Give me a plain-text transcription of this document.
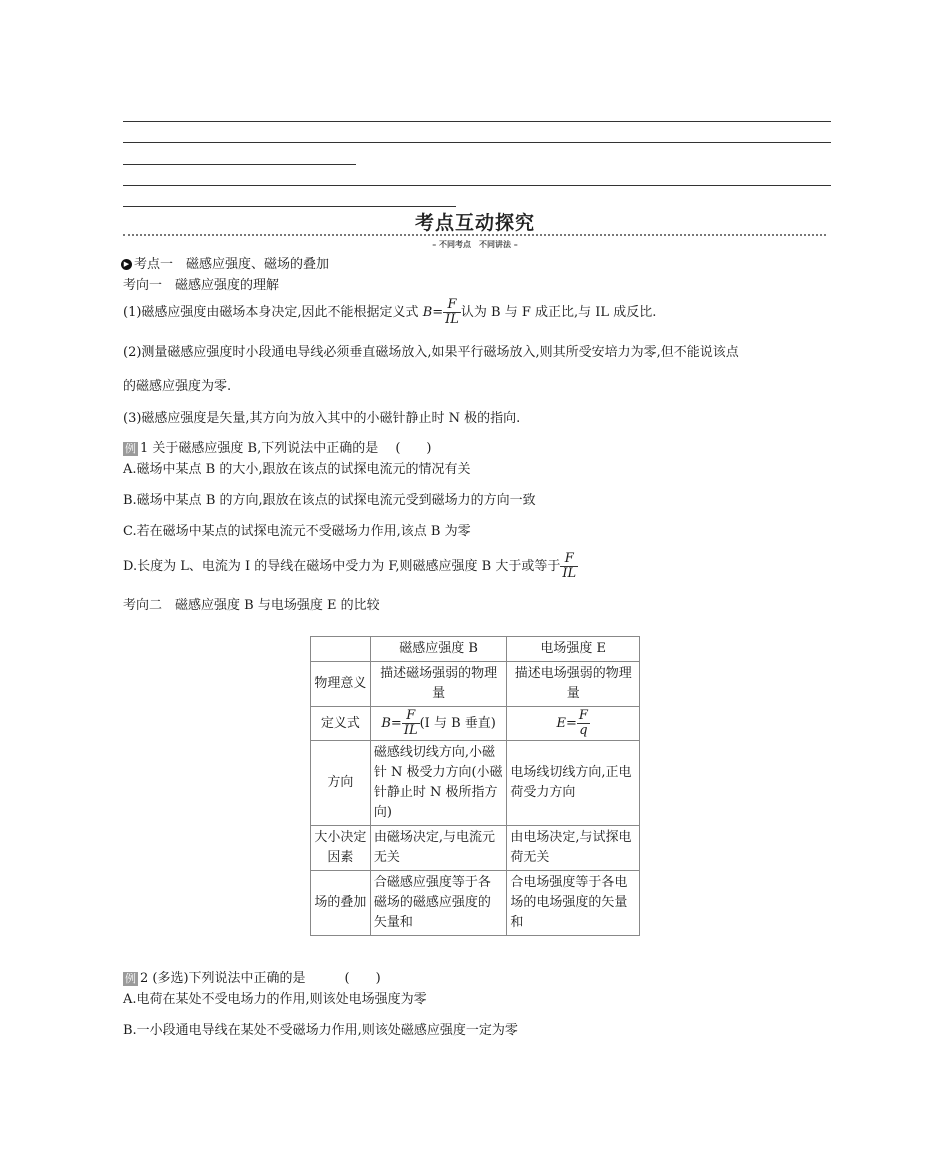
考点互动探究
– 不同考点　不同讲法 –
▶ 考点一　磁感应强度、磁场的叠加
考向一　磁感应强度的理解
(1)磁感应强度由磁场本身决定,因此不能根据定义式 $B= \frac{F}{IL}$ 认为 B 与 F 成正比,与 IL 成反比.
(2)测量磁感应强度时小段通电导线必须垂直磁场放入,如果平行磁场放入,则其所受安培力为零,但不能说该点
的磁感应强度为零.
(3)磁感应强度是矢量,其方向为放入其中的小磁针静止时 N 极的指向.
例 1 关于磁感应强度 B,下列说法中正确的是　 (　　)
A.磁场中某点 B 的大小,跟放在该点的试探电流元的情况有关
B.磁场中某点 B 的方向,跟放在该点的试探电流元受到磁场力的方向一致
C.若在磁场中某点的试探电流元不受磁场力作用,该点 B 为零
D.长度为 L、电流为 I 的导线在磁场中受力为 F,则磁感应强度 B 大于或等于 $\frac{F}{IL}$
考向二　磁感应强度 B 与电场强度 E 的比较
	磁感应强度 B	电场强度 E
物理意义	描述磁场强弱的物理量	描述电场强弱的物理量
定义式	$B= \frac{F}{IL} (I$ 与 B 垂直)	$E= \frac{F}{q}$

方向	磁感线切线方向,小磁针 N 极受力方向(小磁针静止时 N 极所指方向)	电场线切线方向,正电荷受力方向
大小决定因素	由磁场决定,与电流元无关	由电场决定,与试探电荷无关
场的叠加	合磁感应强度等于各磁场的磁感应强度的矢量和	合电场强度等于各电场的电场强度的矢量和
例 2 (多选)下列说法中正确的是　　　(　　)
A.电荷在某处不受电场力的作用,则该处电场强度为零
B.一小段通电导线在某处不受磁场力作用,则该处磁感应强度一定为零
